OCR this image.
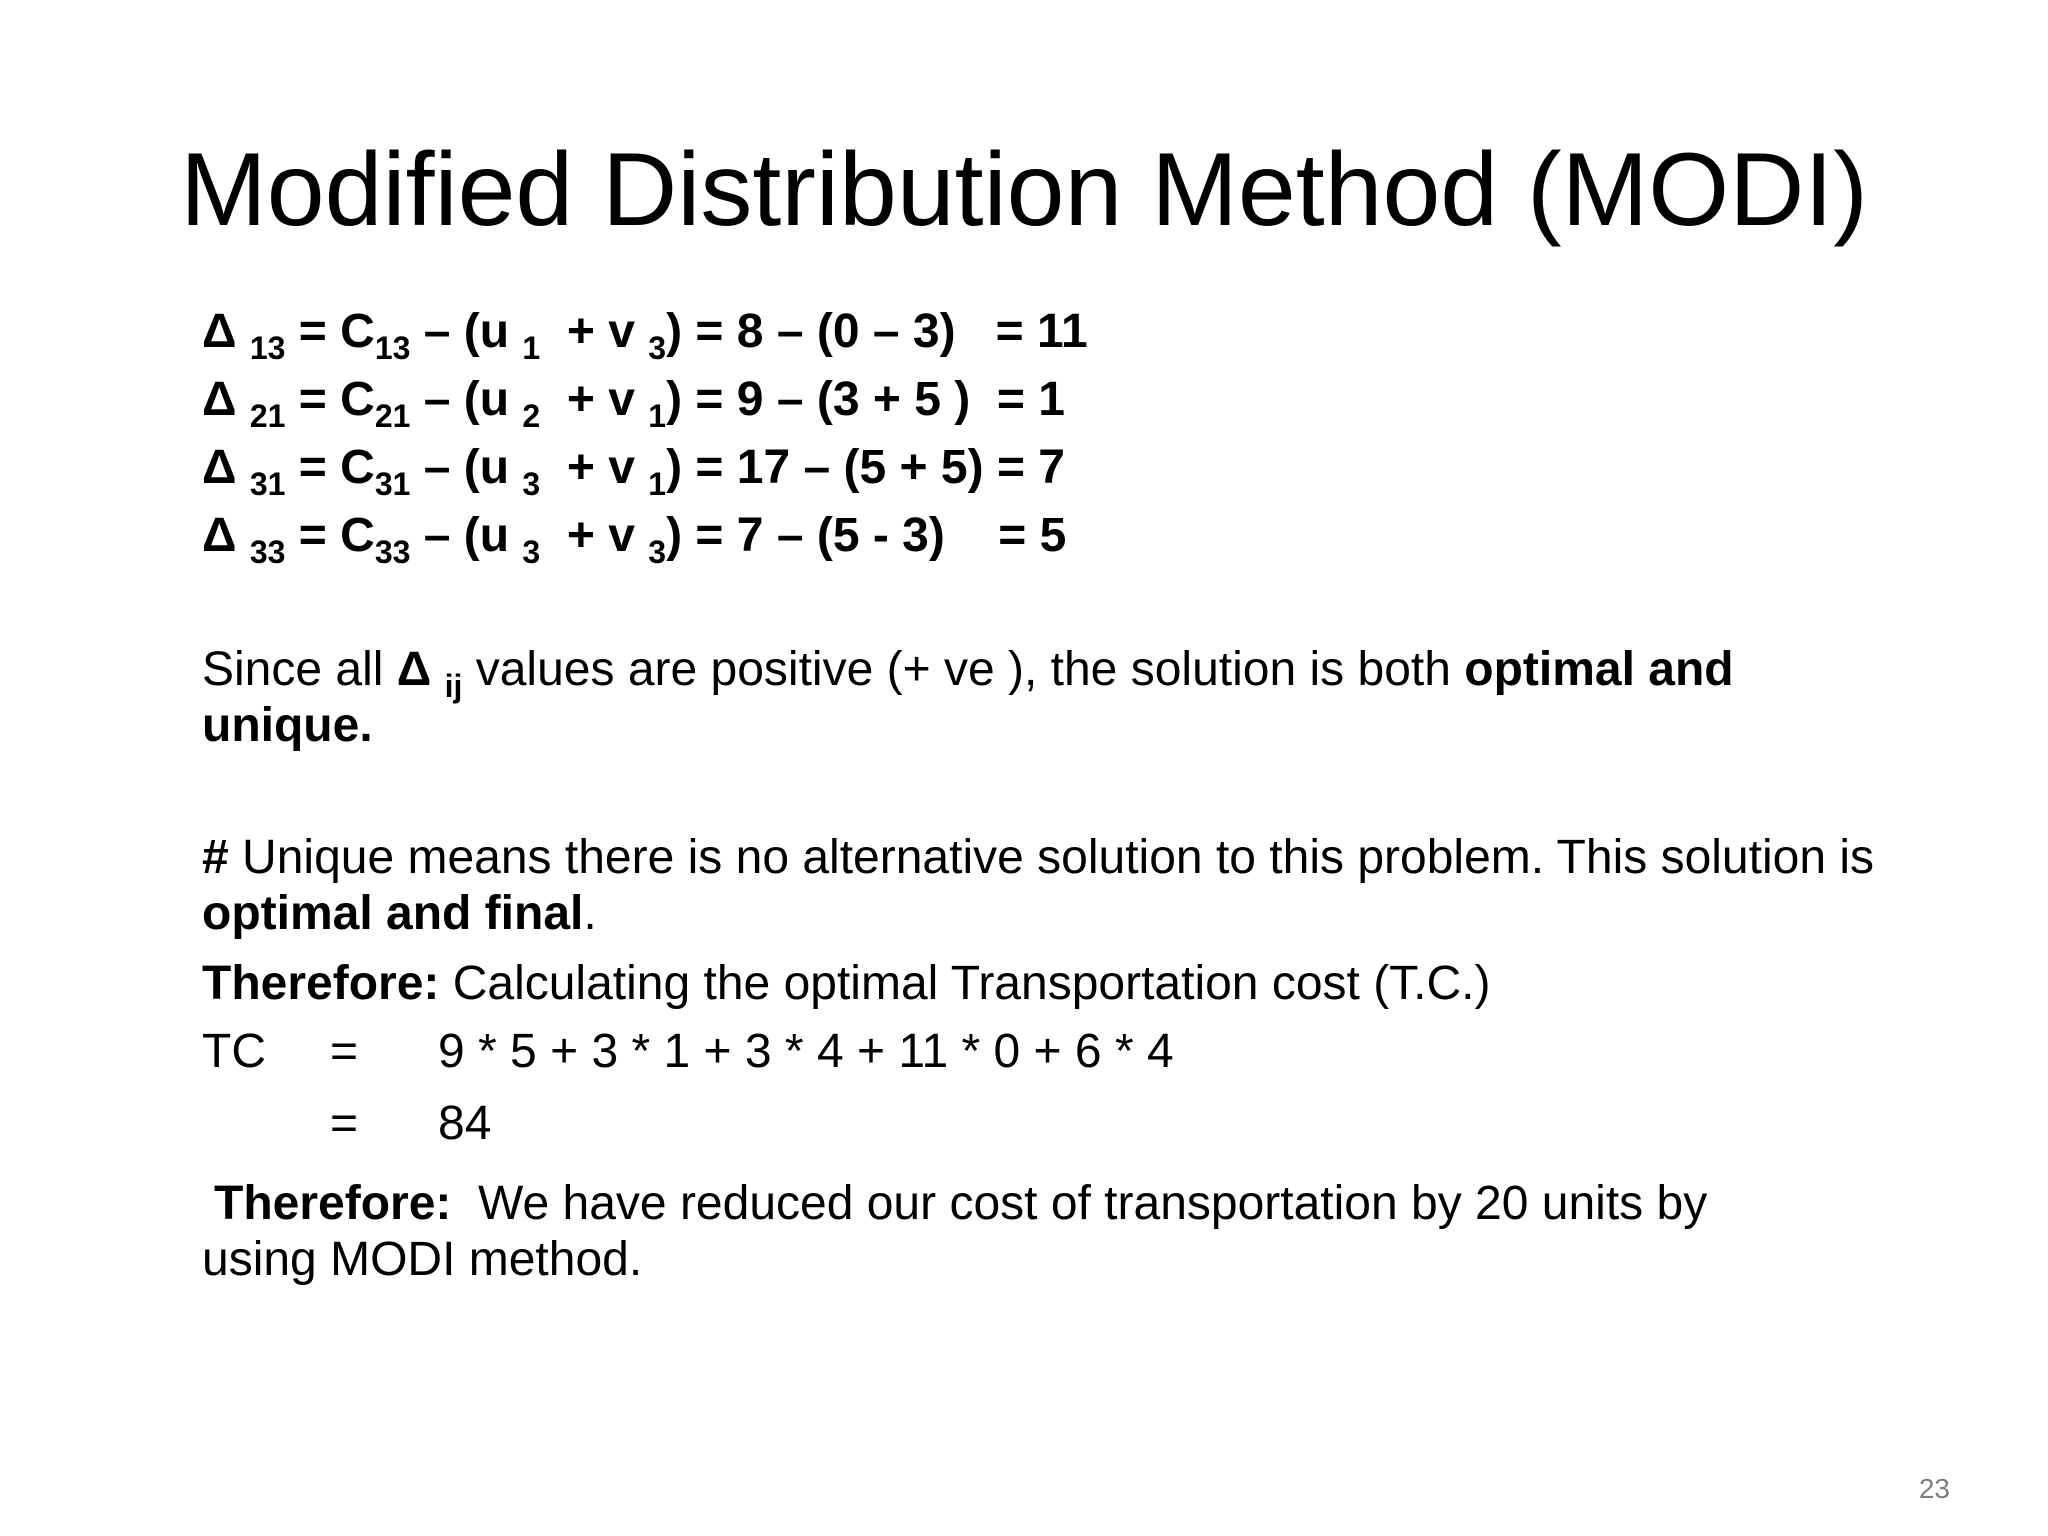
Modified Distribution Method (MODI)
Δ $_{13} = C_{13} - (u$ $_1$  + v $_3$) = 8 – (0 – 3)   = 11
Δ $_{21} = C_{21} - (u$ $_2$  + v $_1$) = 9 – (3 + 5 )  = 1
Δ $_{31} = C_{31} - (u$ $_3$  + v $_1$) = 17 – (5 + 5) = 7
Δ $_{33} = C_{33} - (u$ $_3$  + v $_3$) = 7 – (5 - 3)    = 5
Since all Δ $_{ij}$ values are positive (+ ve ), the solution is both optimal and unique.
# Unique means there is no alternative solution to this problem. This solution is optimal and final.
Therefore: Calculating the optimal Transportation cost (T.C.)
TC = 9 * 5 + 3 * 1 + 3 * 4 + 11 * 0 + 6 * 4
= 84
Therefore:  We have reduced our cost of transportation by 20 units by
using MODI method.
23
